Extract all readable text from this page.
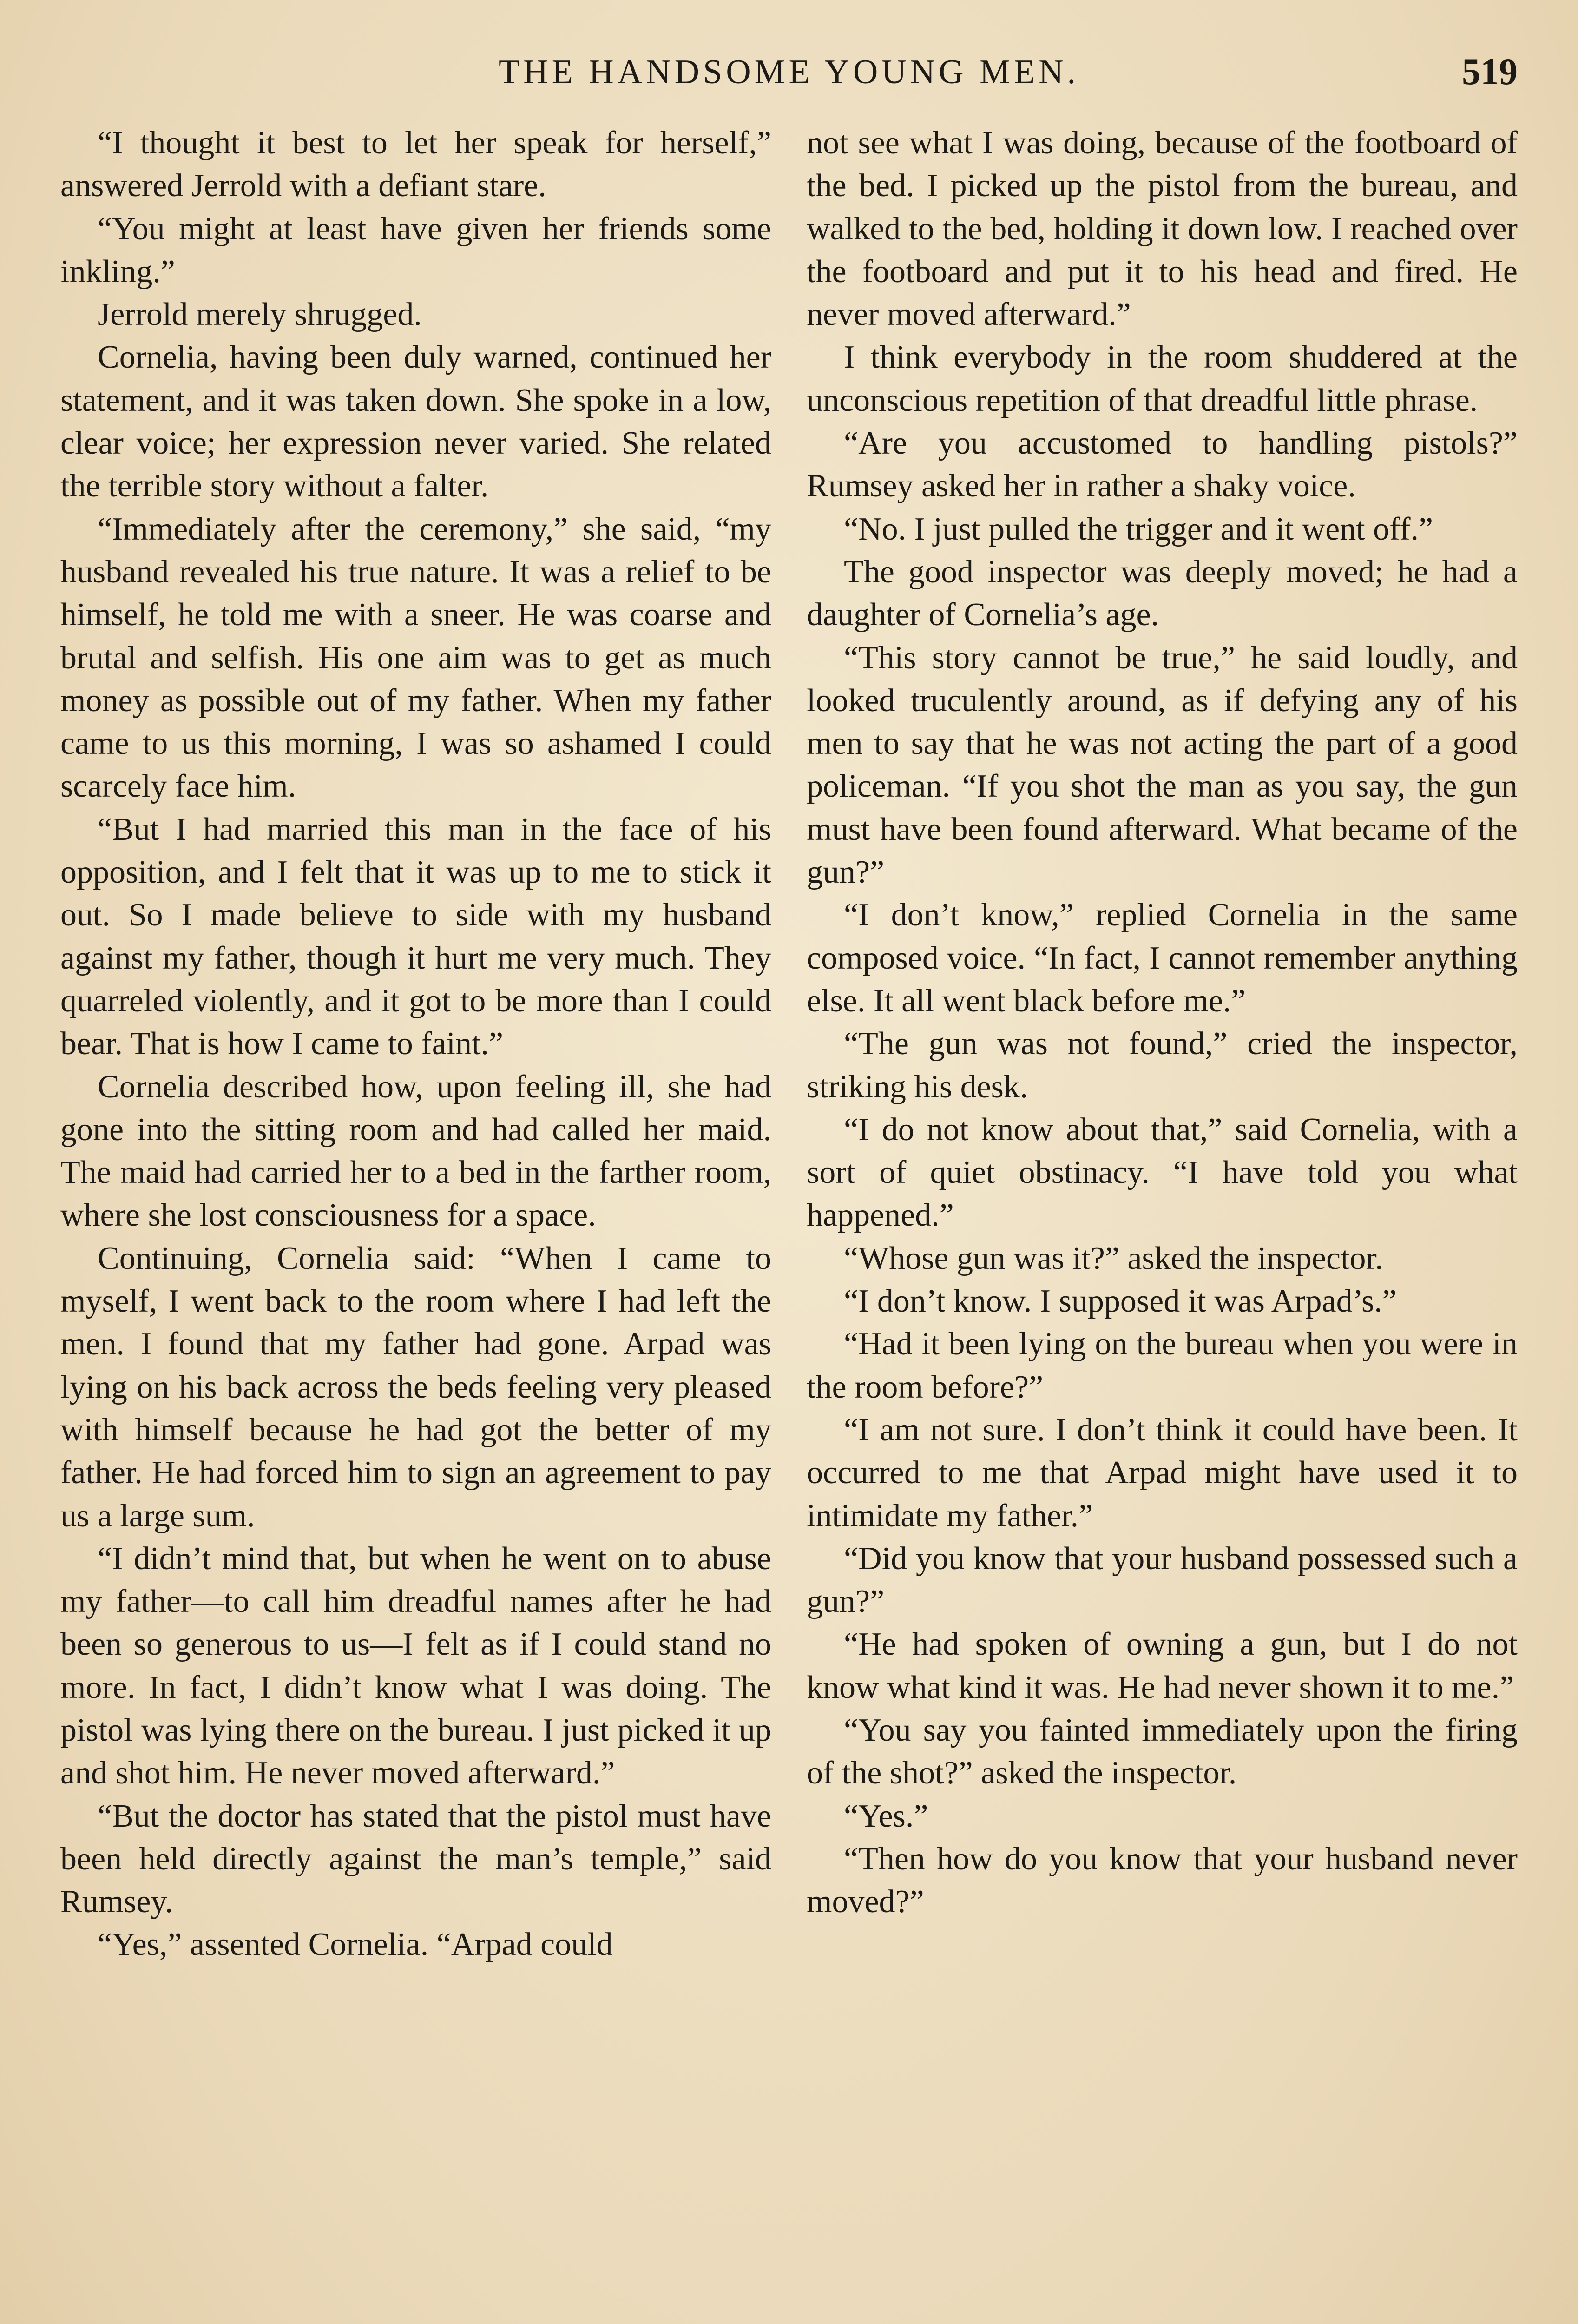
THE HANDSOME YOUNG MEN.	519

“I thought it best to let her speak for herself,” answered Jerrold with a defiant stare.

“You might at least have given her friends some inkling.”

Jerrold merely shrugged.

Cornelia, having been duly warned, continued her statement, and it was taken down. She spoke in a low, clear voice; her expression never varied. She related the terrible story without a falter.

“Immediately after the ceremony,” she said, “my husband revealed his true nature. It was a relief to be himself, he told me with a sneer. He was coarse and brutal and selfish. His one aim was to get as much money as possible out of my father. When my father came to us this morning, I was so ashamed I could scarcely face him.

“But I had married this man in the face of his opposition, and I felt that it was up to me to stick it out. So I made believe to side with my husband against my father, though it hurt me very much. They quarreled violently, and it got to be more than I could bear. That is how I came to faint.”

Cornelia described how, upon feeling ill, she had gone into the sitting room and had called her maid. The maid had carried her to a bed in the farther room, where she lost consciousness for a space.

Continuing, Cornelia said: “When I came to myself, I went back to the room where I had left the men. I found that my father had gone. Arpad was lying on his back across the beds feeling very pleased with himself because he had got the better of my father. He had forced him to sign an agreement to pay us a large sum.

“I didn’t mind that, but when he went on to abuse my father—to call him dreadful names after he had been so generous to us—I felt as if I could stand no more. In fact, I didn’t know what I was doing. The pistol was lying there on the bureau. I just picked it up and shot him. He never moved afterward.”

“But the doctor has stated that the pistol must have been held directly against the man’s temple,” said Rumsey.

“Yes,” assented Cornelia. “Arpad could

not see what I was doing, because of the footboard of the bed. I picked up the pistol from the bureau, and walked to the bed, holding it down low. I reached over the footboard and put it to his head and fired. He never moved afterward.”

I think everybody in the room shuddered at the unconscious repetition of that dreadful little phrase.

“Are you accustomed to handling pistols?” Rumsey asked her in rather a shaky voice.

“No. I just pulled the trigger and it went off.”

The good inspector was deeply moved; he had a daughter of Cornelia’s age.

“This story cannot be true,” he said loudly, and looked truculently around, as if defying any of his men to say that he was not acting the part of a good policeman. “If you shot the man as you say, the gun must have been found afterward. What became of the gun?”

“I don’t know,” replied Cornelia in the same composed voice. “In fact, I cannot remember anything else. It all went black before me.”

“The gun was not found,” cried the inspector, striking his desk.

“I do not know about that,” said Cornelia, with a sort of quiet obstinacy. “I have told you what happened.”

“Whose gun was it?” asked the inspector.

“I don’t know. I supposed it was Arpad’s.”

“Had it been lying on the bureau when you were in the room before?”

“I am not sure. I don’t think it could have been. It occurred to me that Arpad might have used it to intimidate my father.”

“Did you know that your husband possessed such a gun?”

“He had spoken of owning a gun, but I do not know what kind it was. He had never shown it to me.”

“You say you fainted immediately upon the firing of the shot?” asked the inspector.

“Yes.”

“Then how do you know that your husband never moved?”
